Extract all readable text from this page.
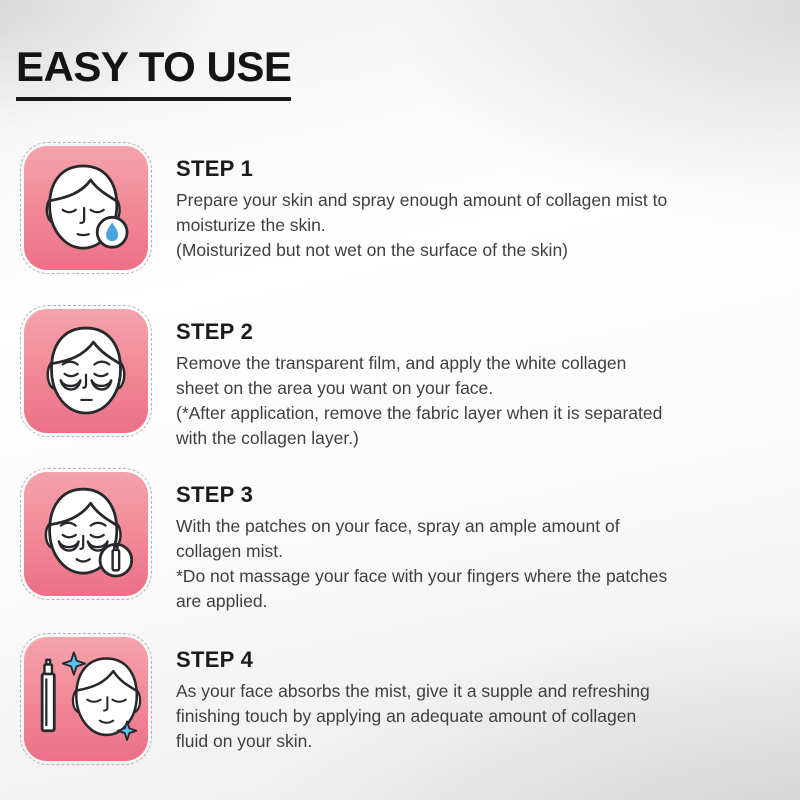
EASY TO USE
STEP 1
Prepare your skin and spray enough amount of collagen mist to
moisturize the skin.
(Moisturized but not wet on the surface of the skin)
STEP 2
Remove the transparent film, and apply the white collagen
sheet on the area you want on your face.
(*After application, remove the fabric layer when it is separated
with the collagen layer.)
STEP 3
With the patches on your face, spray an ample amount of
collagen mist.
*Do not massage your face with your fingers where the patches
are applied.
STEP 4
As your face absorbs the mist, give it a supple and refreshing
finishing touch by applying an adequate amount of collagen
fluid on your skin.
